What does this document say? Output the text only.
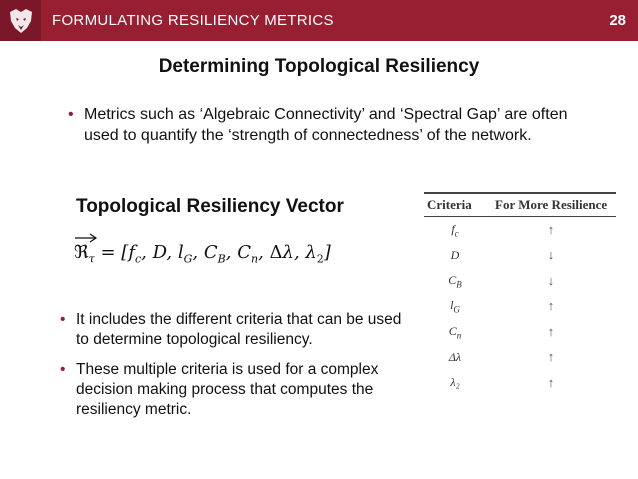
FORMULATING RESILIENCY METRICS	28
Determining Topological Resiliency
• Metrics such as ‘Algebraic Connectivity’ and ‘Spectral Gap’ are often used to quantify the ‘strength of connectedness’ of the network.
Topological Resiliency Vector
ℜ$_\tau$ = [$f_c$, D, $l_G$, $C_B$, $C_n$, Δλ, $\lambda_2$]
• It includes the different criteria that can be used to determine topological resiliency.
• These multiple criteria is used for a complex decision making process that computes the resiliency metric.
Criteria	For More Resilience
$f_c$	↑
D	↓
$C_B$	↓
$l_G$	↑
$C_n$	↑
Δλ	↑
λ₂	↑
